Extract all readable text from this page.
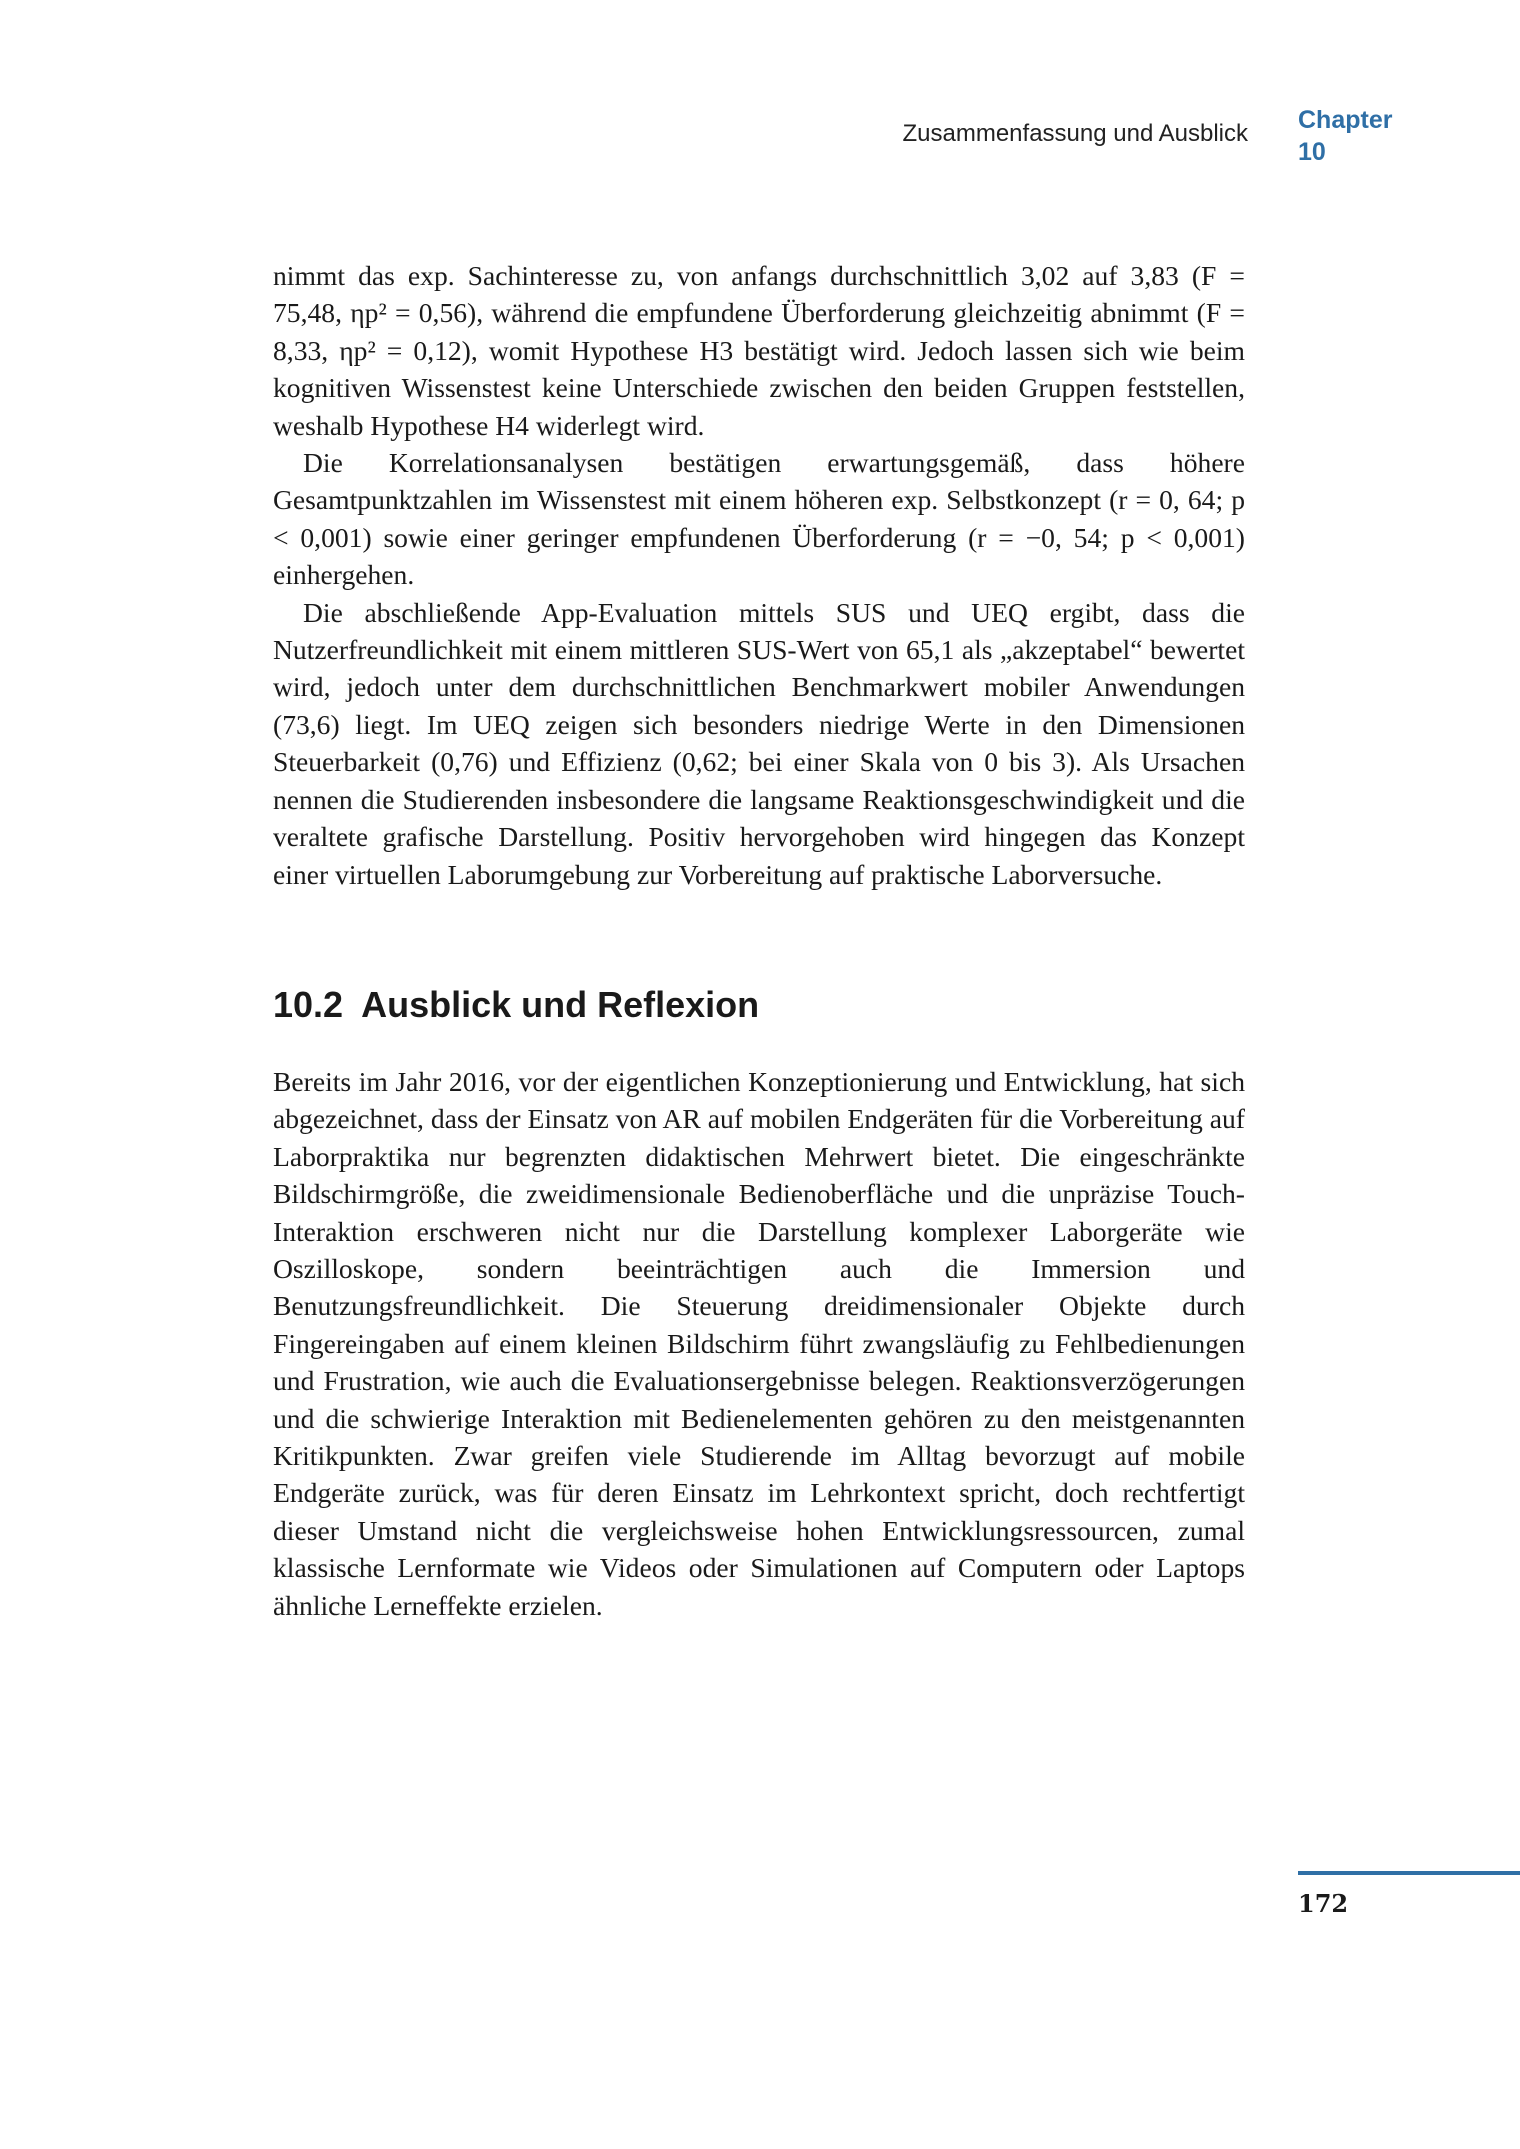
Zusammenfassung und Ausblick Chapter
10

nimmt das exp. Sachinteresse zu, von anfangs durchschnittlich 3,02 auf 3,83 (F = 75,48, ηp² = 0,56), während die empfundene Überforderung gleichzeitig abnimmt (F = 8,33, ηp² = 0,12), womit Hypothese H3 bestätigt wird. Jedoch lassen sich wie beim kognitiven Wissenstest keine Unterschiede zwischen den beiden Gruppen feststellen, weshalb Hypothese H4 widerlegt wird.

Die Korrelationsanalysen bestätigen erwartungsgemäß, dass höhere Gesamtpunktzahlen im Wissenstest mit einem höheren exp. Selbstkonzept (r = 0, 64; p < 0,001) sowie einer geringer empfundenen Überforderung (r = −0, 54; p < 0,001) einhergehen.

Die abschließende App-Evaluation mittels SUS und UEQ ergibt, dass die Nutzerfreundlichkeit mit einem mittleren SUS-Wert von 65,1 als „akzeptabel“ bewertet wird, jedoch unter dem durchschnittlichen Benchmarkwert mobiler Anwendungen (73,6) liegt. Im UEQ zeigen sich besonders niedrige Werte in den Dimensionen Steuerbarkeit (0,76) und Effizienz (0,62; bei einer Skala von 0 bis 3). Als Ursachen nennen die Studierenden insbesondere die langsame Reaktionsgeschwindigkeit und die veraltete grafische Darstellung. Positiv hervorgehoben wird hingegen das Konzept einer virtuellen Laborumgebung zur Vorbereitung auf praktische Laborversuche.

10.2 Ausblick und Reflexion

Bereits im Jahr 2016, vor der eigentlichen Konzeptionierung und Entwicklung, hat sich abgezeichnet, dass der Einsatz von AR auf mobilen Endgeräten für die Vorbereitung auf Laborpraktika nur begrenzten didaktischen Mehrwert bietet. Die eingeschränkte Bildschirmgröße, die zweidimensionale Bedienoberfläche und die unpräzise Touch-Interaktion erschweren nicht nur die Darstellung komplexer Laborgeräte wie Oszilloskope, sondern beeinträchtigen auch die Immersion und Benutzungsfreundlichkeit. Die Steuerung dreidimensionaler Objekte durch Fingereingaben auf einem kleinen Bildschirm führt zwangsläufig zu Fehlbedienungen und Frustration, wie auch die Evaluationsergebnisse belegen. Reaktionsverzögerungen und die schwierige Interaktion mit Bedienelementen gehören zu den meistgenannten Kritikpunkten. Zwar greifen viele Studierende im Alltag bevorzugt auf mobile Endgeräte zurück, was für deren Einsatz im Lehrkontext spricht, doch rechtfertigt dieser Umstand nicht die vergleichsweise hohen Entwicklungsressourcen, zumal klassische Lernformate wie Videos oder Simulationen auf Computern oder Laptops ähnliche Lerneffekte erzielen.

172
